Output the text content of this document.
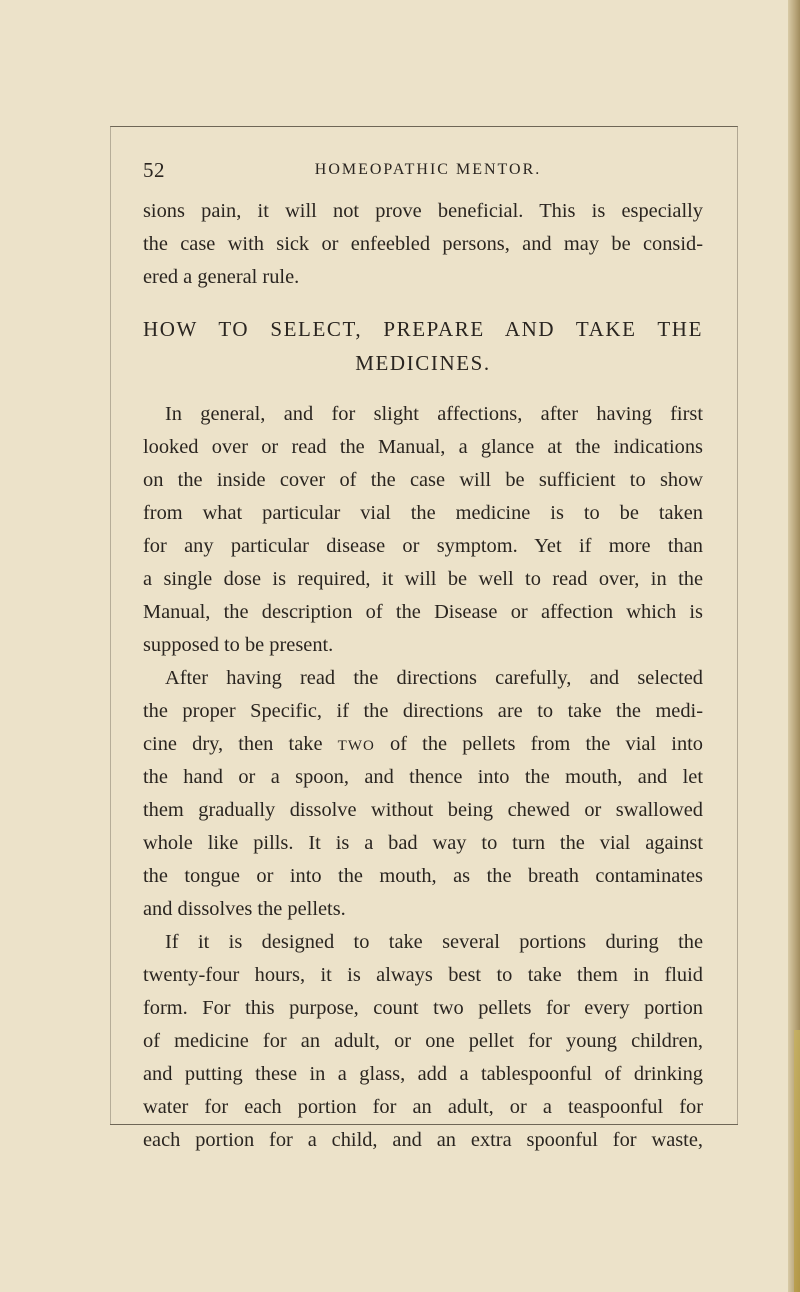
52	HOMEOPATHIC MENTOR.
sions pain, it will not prove beneficial. This is especially
the case with sick or enfeebled persons, and may be consid-
ered a general rule.
HOW TO SELECT, PREPARE AND TAKE THE
MEDICINES.
In general, and for slight affections, after having first
looked over or read the Manual, a glance at the indications
on the inside cover of the case will be sufficient to show
from what particular vial the medicine is to be taken
for any particular disease or symptom. Yet if more than
a single dose is required, it will be well to read over, in the
Manual, the description of the Disease or affection which is
supposed to be present.
After having read the directions carefully, and selected
the proper Specific, if the directions are to take the medi-
cine dry, then take TWO of the pellets from the vial into
the hand or a spoon, and thence into the mouth, and let
them gradually dissolve without being chewed or swallowed
whole like pills. It is a bad way to turn the vial against
the tongue or into the mouth, as the breath contaminates
and dissolves the pellets.
If it is designed to take several portions during the
twenty-four hours, it is always best to take them in fluid
form. For this purpose, count two pellets for every portion
of medicine for an adult, or one pellet for young children,
and putting these in a glass, add a tablespoonful of drinking
water for each portion for an adult, or a teaspoonful for
each portion for a child, and an extra spoonful for waste,
